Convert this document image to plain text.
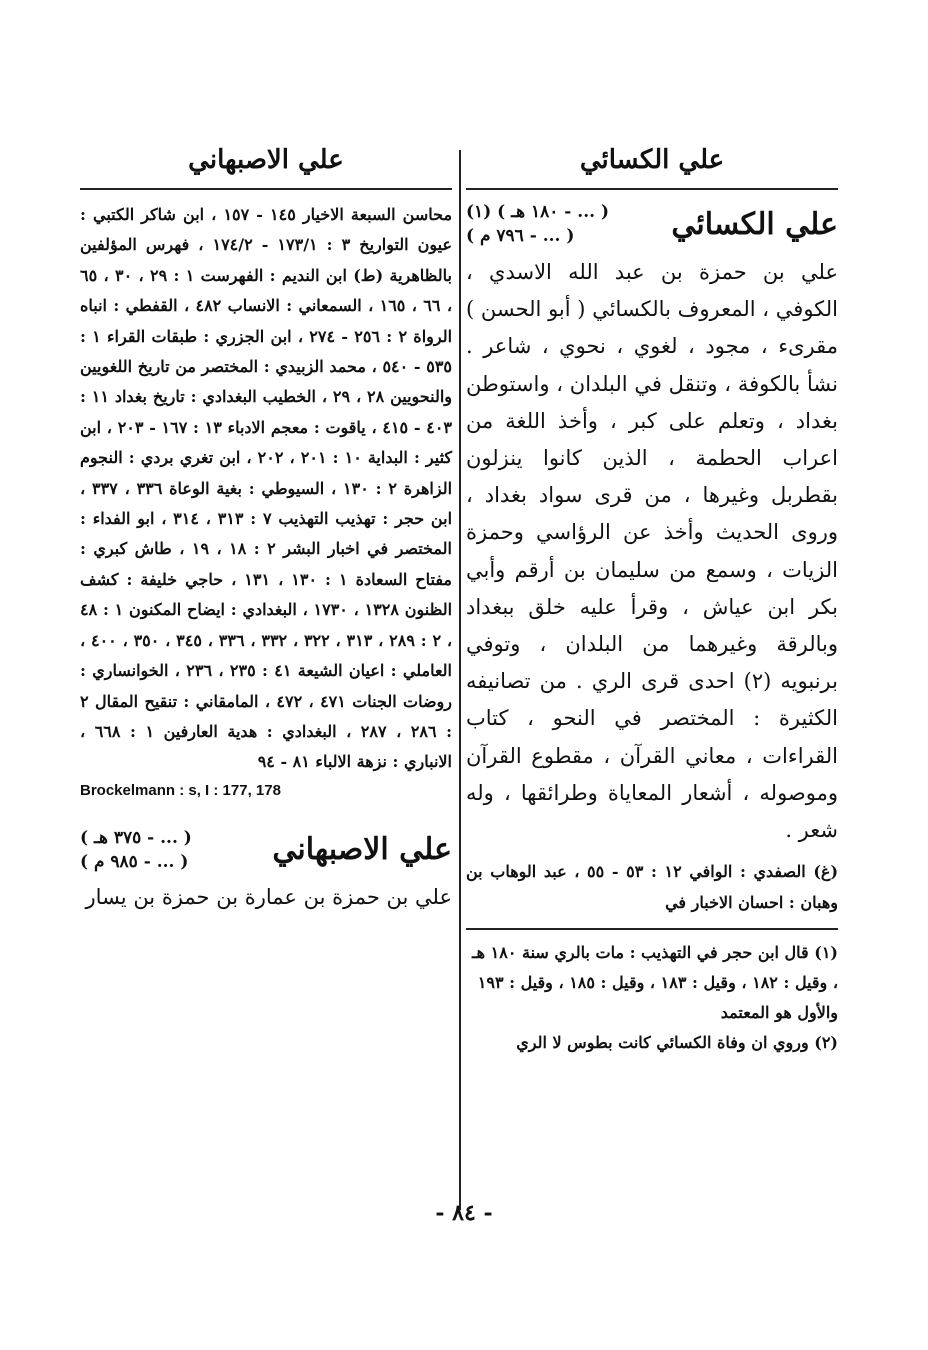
علي الكسائي
علي الكسائي
( ... - ١٨٠ هـ ) (١)
( ... - ٧٩٦ م )

علي بن حمزة بن عبد الله الاسدي ، الكوفي ، المعروف بالكسائي ( أبو الحسن ) مقرىء ، مجود ، لغوي ، نحوي ، شاعر . نشأ بالكوفة ، وتنقل في البلدان ، واستوطن بغداد ، وتعلم على كبر ، وأخذ اللغة من اعراب الحطمة ، الذين كانوا ينزلون بقطربل وغيرها ، من قرى سواد بغداد ، وروى الحديث وأخذ عن الرؤاسي وحمزة الزيات ، وسمع من سليمان بن أرقم وأبي بكر ابن عياش ، وقرأ عليه خلق ببغداد وبالرقة وغيرهما من البلدان ، وتوفي برنبويه (٢) احدى قرى الري . من تصانيفه الكثيرة : المختصر في النحو ، كتاب القراءات ، معاني القرآن ، مقطوع القرآن وموصوله ، أشعار المعاياة وطرائقها ، وله شعر .

(غ) الصفدي : الوافي ١٢ : ٥٣ - ٥٥ ، عبد الوهاب بن وهبان : احسان الاخبار في

(١) قال ابن حجر في التهذيب : مات بالري سنة ١٨٠ هـ ، وقيل : ١٨٢ ، وقيل : ١٨٣ ، وقيل : ١٨٥ ، وقيل : ١٩٣ والأول هو المعتمد

(٢) وروي ان وفاة الكسائي كانت بطوس لا الري

علي الاصبهاني

محاسن السبعة الاخيار ١٤٥ - ١٥٧ ، ابن شاكر الكتبي : عيون التواريخ ٣ : ١٧٣/١ - ١٧٤/٢ ، فهرس المؤلفين بالظاهرية (ط) ابن النديم : الفهرست ١ : ٢٩ ، ٣٠ ، ٦٥ ، ٦٦ ، ١٦٥ ، السمعاني : الانساب ٤٨٢ ، القفطي : انباه الرواة ٢ : ٢٥٦ - ٢٧٤ ، ابن الجزري : طبقات القراء ١ : ٥٣٥ - ٥٤٠ ، محمد الزبيدي : المختصر من تاريخ اللغويين والنحويين ٢٨ ، ٢٩ ، الخطيب البغدادي : تاريخ بغداد ١١ : ٤٠٣ - ٤١٥ ، ياقوت : معجم الادباء ١٣ : ١٦٧ - ٢٠٣ ، ابن كثير : البداية ١٠ : ٢٠١ ، ٢٠٢ ، ابن تغري بردي : النجوم الزاهرة ٢ : ١٣٠ ، السيوطي : بغية الوعاة ٣٣٦ ، ٣٣٧ ، ابن حجر : تهذيب التهذيب ٧ : ٣١٣ ، ٣١٤ ، ابو الفداء : المختصر في اخبار البشر ٢ : ١٨ ، ١٩ ، طاش كبري : مفتاح السعادة ١ : ١٣٠ ، ١٣١ ، حاجي خليفة : كشف الظنون ١٣٢٨ ، ١٧٣٠ ، البغدادي : ايضاح المكنون ١ : ٤٨ ، ٢ : ٢٨٩ ، ٣١٣ ، ٣٢٢ ، ٣٣٢ ، ٣٣٦ ، ٣٤٥ ، ٣٥٠ ، ٤٠٠ ، العاملي : اعيان الشيعة ٤١ : ٢٣٥ ، ٢٣٦ ، الخوانساري : روضات الجنات ٤٧١ ، ٤٧٢ ، المامقاني : تنقيح المقال ٢ : ٢٨٦ ، ٢٨٧ ، البغدادي : هدية العارفين ١ : ٦٦٨ ، الانباري : نزهة الالباء ٨١ - ٩٤

Brockelmann : s, I : 177, 178
علي الاصبهاني
( ... - ٣٧٥ هـ )
( ... - ٩٨٥ م )
علي بن حمزة بن عمارة بن حمزة بن يسار
- ٨٤ -
